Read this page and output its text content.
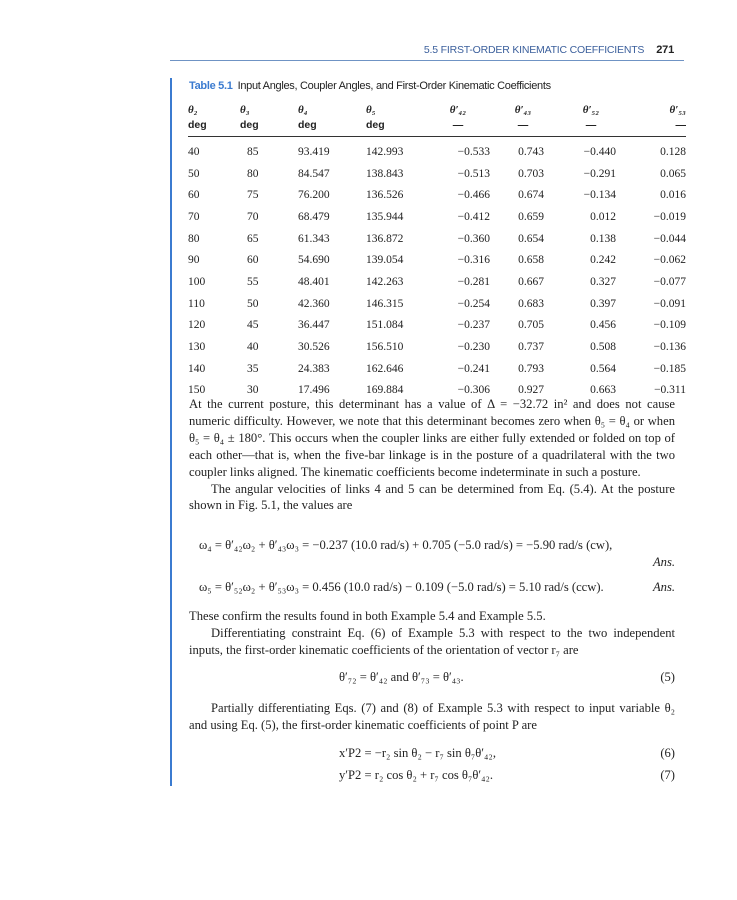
5.5 FIRST-ORDER KINEMATIC COEFFICIENTS 271
Table 5.1 Input Angles, Coupler Angles, and First-Order Kinematic Coefficients
θ₂	θ₃	θ₄	θ₅	θ′₄₂	θ′₄₃	θ′₅₂	θ′₅₃
deg	deg	deg	deg	—	—	—	—
40	85	93.419	142.993	−0.533	0.743	−0.440	0.128
50	80	84.547	138.843	−0.513	0.703	−0.291	0.065
60	75	76.200	136.526	−0.466	0.674	−0.134	0.016
70	70	68.479	135.944	−0.412	0.659	0.012	−0.019
80	65	61.343	136.872	−0.360	0.654	0.138	−0.044
90	60	54.690	139.054	−0.316	0.658	0.242	−0.062
100	55	48.401	142.263	−0.281	0.667	0.327	−0.077
110	50	42.360	146.315	−0.254	0.683	0.397	−0.091
120	45	36.447	151.084	−0.237	0.705	0.456	−0.109
130	40	30.526	156.510	−0.230	0.737	0.508	−0.136
140	35	24.383	162.646	−0.241	0.793	0.564	−0.185
150	30	17.496	169.884	−0.306	0.927	0.663	−0.311

At the current posture, this determinant has a value of Δ = −32.72 in² and does not cause numeric difficulty. However, we note that this determinant becomes zero when θ₅ = θ₄ or when θ₅ = θ₄ ± 180°. This occurs when the coupler links are either fully extended or folded on top of each other—that is, when the five-bar linkage is in the posture of a quadrilateral with the two coupler links aligned. The kinematic coefficients become indeterminate in such a posture.

The angular velocities of links 4 and 5 can be determined from Eq. (5.4). At the posture shown in Fig. 5.1, the values are

ω₄ = θ′₄₂ω₂ + θ′₄₃ω₃ = −0.237 (10.0 rad/s) + 0.705 (−5.0 rad/s) = −5.90 rad/s (cw),
Ans.
ω₅ = θ′₅₂ω₂ + θ′₅₃ω₃ = 0.456 (10.0 rad/s) − 0.109 (−5.0 rad/s) = 5.10 rad/s (ccw).	Ans.

These confirm the results found in both Example 5.4 and Example 5.5.

Differentiating constraint Eq. (6) of Example 5.3 with respect to the two independent inputs, the first-order kinematic coefficients of the orientation of vector r₇ are

θ′₇₂ = θ′₄₂ and θ′₇₃ = θ′₄₃.	(5)

Partially differentiating Eqs. (7) and (8) of Example 5.3 with respect to input variable θ₂ and using Eq. (5), the first-order kinematic coefficients of point P are

x′P2 = −r₂ sin θ₂ − r₇ sin θ₇θ′₄₂,	(6)
y′P2 = r₂ cos θ₂ + r₇ cos θ₇θ′₄₂.	(7)
